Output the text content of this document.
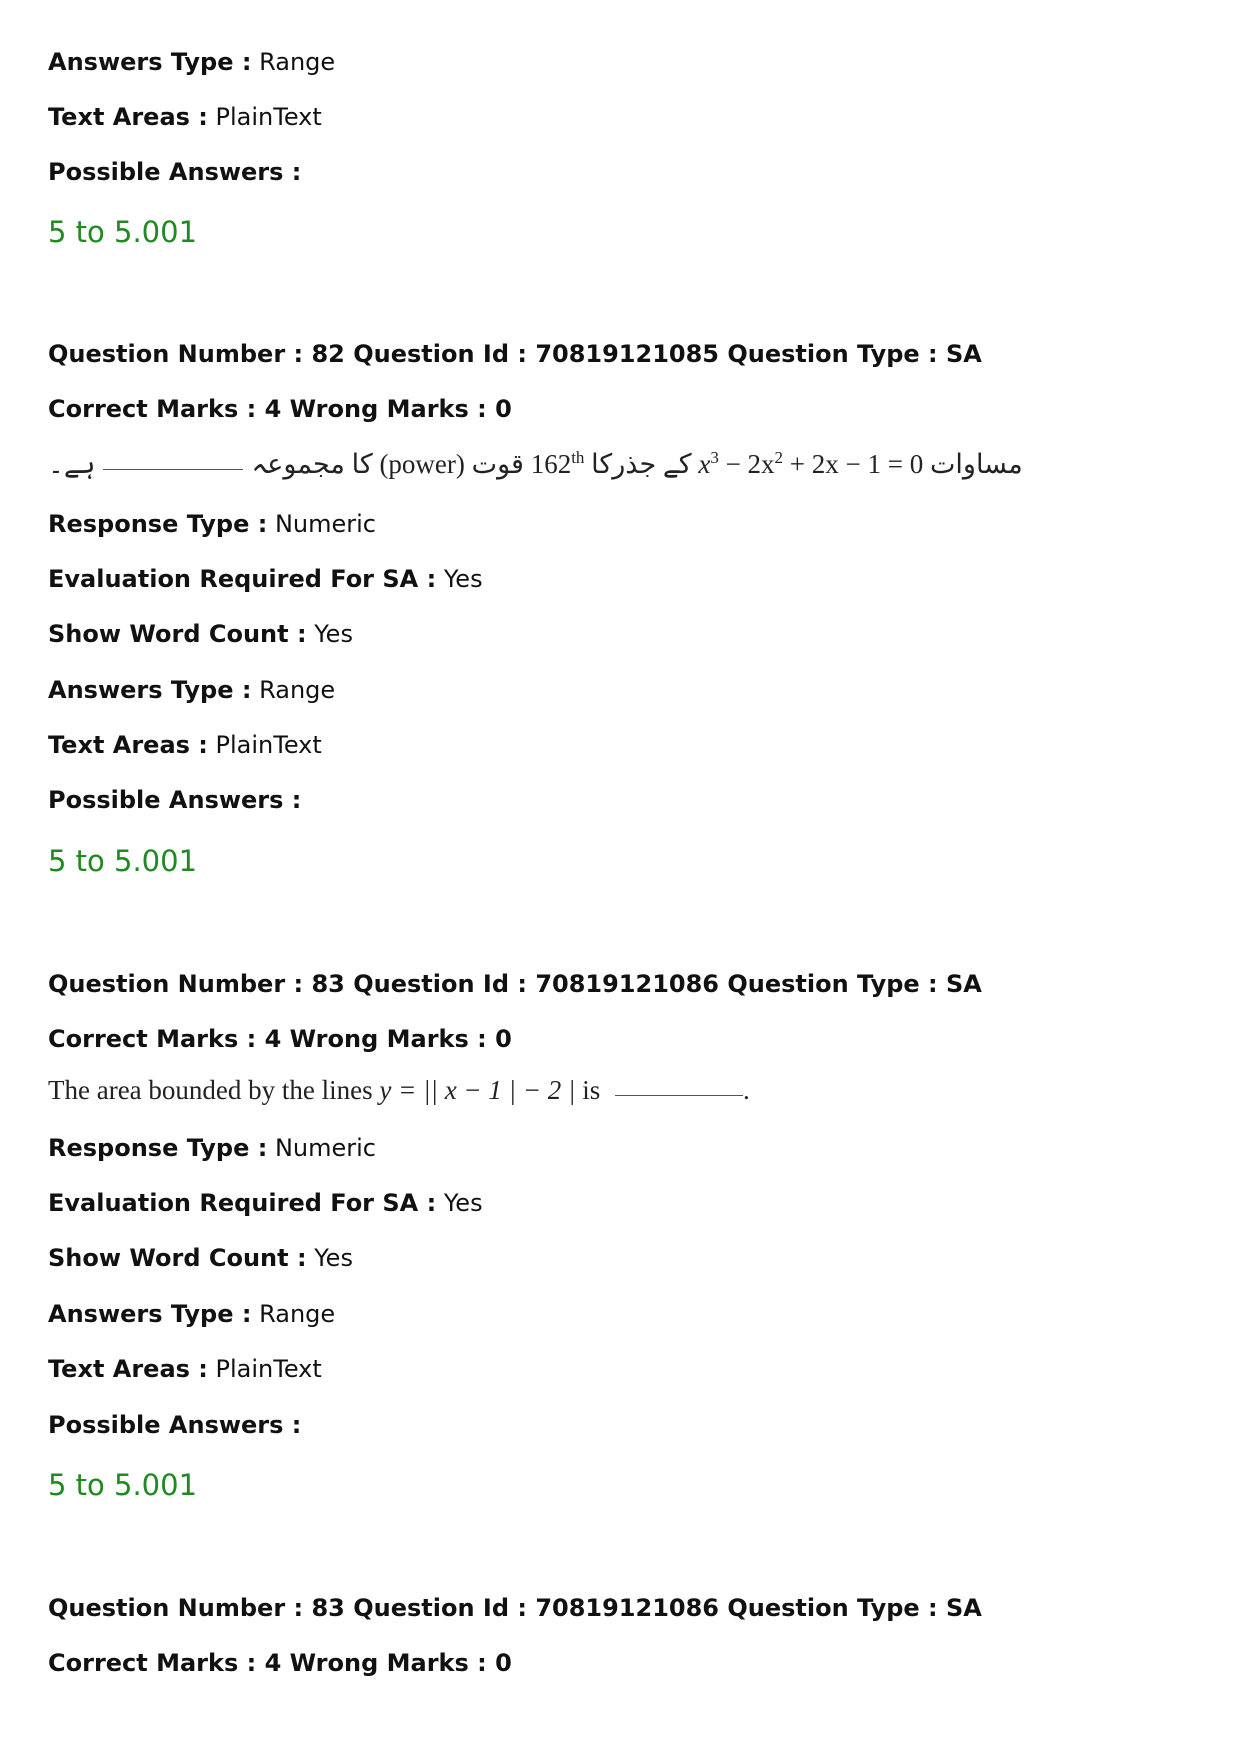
Answers Type : Range
Text Areas : PlainText
Possible Answers :
5 to 5.001
Question Number : 82 Question Id : 70819121085 Question Type : SA
Correct Marks : 4 Wrong Marks : 0
ہے۔	کا مجموعہ (power) قوت 162th کے جذرکا $x^3 - 2x^2 + 2x - 1 = 0$ مساوات
Response Type : Numeric
Evaluation Required For SA : Yes
Show Word Count : Yes
Answers Type : Range
Text Areas : PlainText
Possible Answers :
5 to 5.001
Question Number : 83 Question Id : 70819121086 Question Type : SA
Correct Marks : 4 Wrong Marks : 0
The area bounded by the lines y = || x − 1 | − 2 | is	.
Response Type : Numeric
Evaluation Required For SA : Yes
Show Word Count : Yes
Answers Type : Range
Text Areas : PlainText
Possible Answers :
5 to 5.001
Question Number : 83 Question Id : 70819121086 Question Type : SA
Correct Marks : 4 Wrong Marks : 0
